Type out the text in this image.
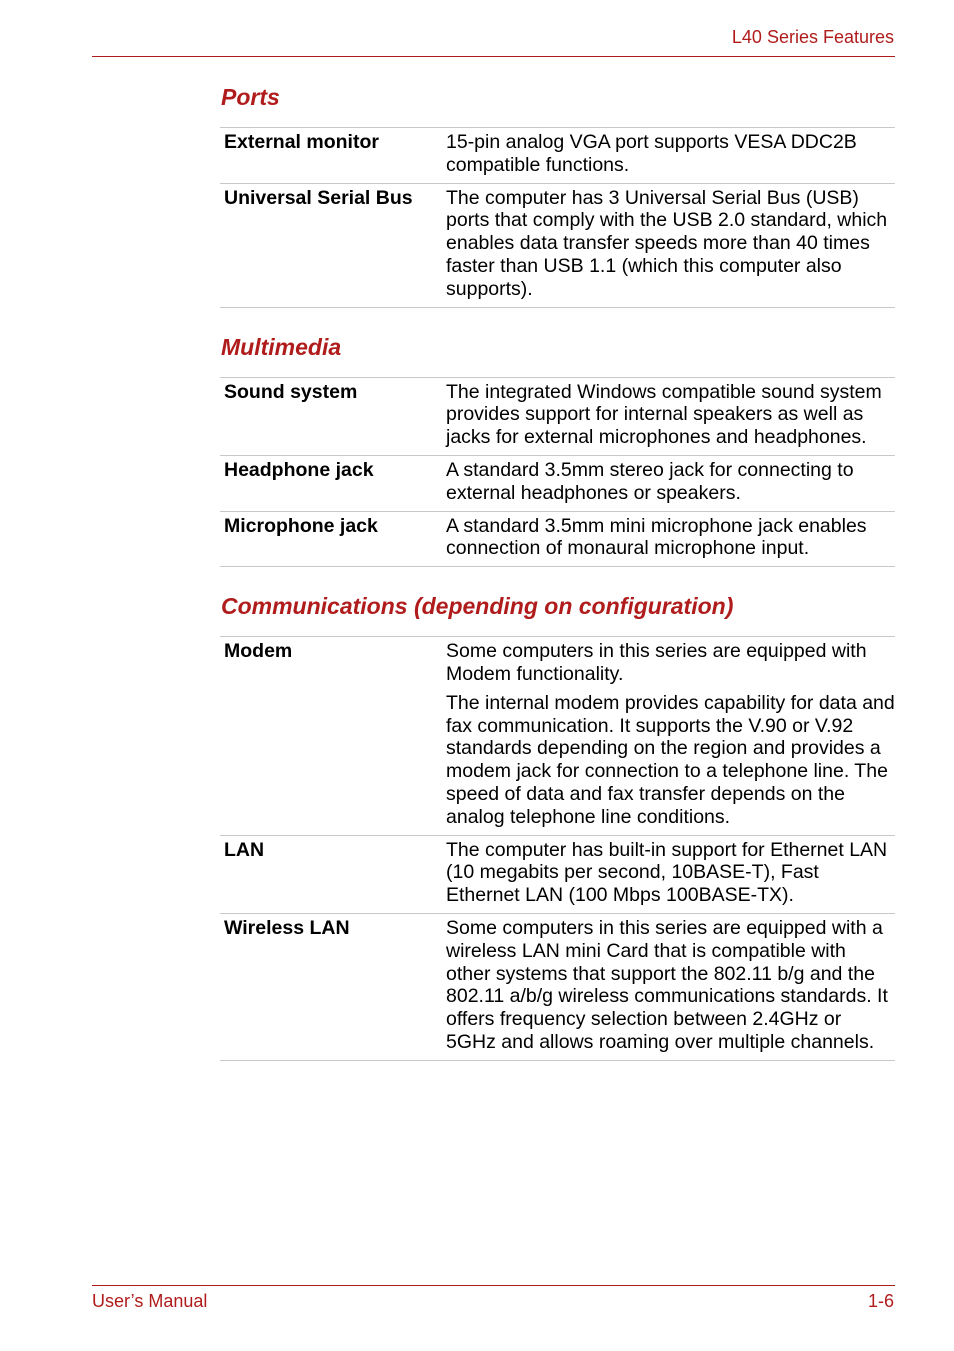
L40 Series Features
Ports
External monitor	15-pin analog VGA port supports VESA DDC2B compatible functions.

Universal Serial Bus	The computer has 3 Universal Serial Bus (USB) ports that comply with the USB 2.0 standard, which enables data transfer speeds more than 40 times faster than USB 1.1 (which this computer also supports).

Multimedia
Sound system	The integrated Windows compatible sound system provides support for internal speakers as well as jacks for external microphones and headphones.

Headphone jack	A standard 3.5mm stereo jack for connecting to external headphones or speakers.

Microphone jack	A standard 3.5mm mini microphone jack enables connection of monaural microphone input.

Communications (depending on configuration)
Modem	Some computers in this series are equipped with Modem functionality.

The internal modem provides capability for data and fax communication. It supports the V.90 or V.92 standards depending on the region and provides a modem jack for connection to a telephone line. The speed of data and fax transfer depends on the analog telephone line conditions.

LAN	The computer has built-in support for Ethernet LAN (10 megabits per second, 10BASE-T), Fast Ethernet LAN (100 Mbps 100BASE-TX).

Wireless LAN	Some computers in this series are equipped with a wireless LAN mini Card that is compatible with other systems that support the 802.11 b/g and the 802.11 a/b/g wireless communications standards. It offers frequency selection between 2.4GHz or 5GHz and allows roaming over multiple channels.

User’s Manual	1-6
